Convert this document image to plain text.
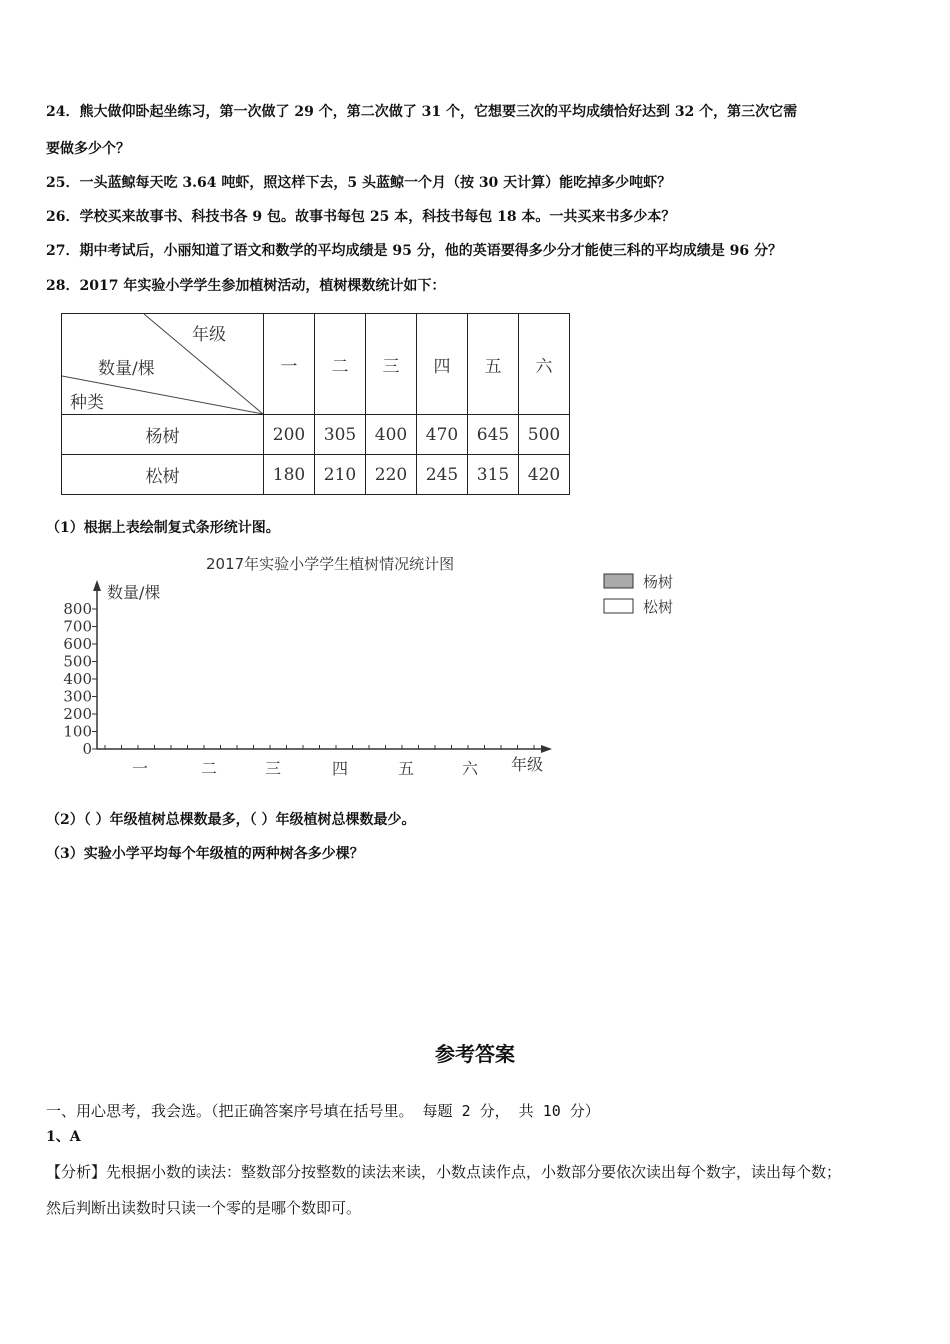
24．熊大做仰卧起坐练习，第一次做了 29 个，第二次做了 31 个，它想要三次的平均成绩恰好达到 32 个，第三次它需
要做多少个？
25．一头蓝鲸每天吃 3.64 吨虾，照这样下去，5 头蓝鲸一个月（按 30 天计算）能吃掉多少吨虾？
26．学校买来故事书、科技书各 9 包。故事书每包 25 本，科技书每包 18 本。一共买来书多少本？
27．期中考试后，小丽知道了语文和数学的平均成绩是 95 分，他的英语要得多少分才能使三科的平均成绩是 96 分？
28．2017 年实验小学学生参加植树活动，植树棵数统计如下：
年级
数量/棵
种类	一	二	三	四	五	六
杨树	200	305	400	470	645	500
松树	180	210	220	245	315	420
（1）根据上表绘制复式条形统计图。
2017年实验小学学生植树情况统计图
0
100
200
300
400
500
600
700
800
数量/棵
一	二	三	四	五	六 年级
杨树
松树
（2）（ ）年级植树总棵数最多，（ ）年级植树总棵数最少。
（3）实验小学平均每个年级植的两种树各多少棵？
参考答案
一、用心思考，我会选。（把正确答案序号填在括号里。 每题 2 分， 共 10 分）
1、A
【分析】先根据小数的读法：整数部分按整数的读法来读，小数点读作点，小数部分要依次读出每个数字，读出每个数；
然后判断出读数时只读一个零的是哪个数即可。
